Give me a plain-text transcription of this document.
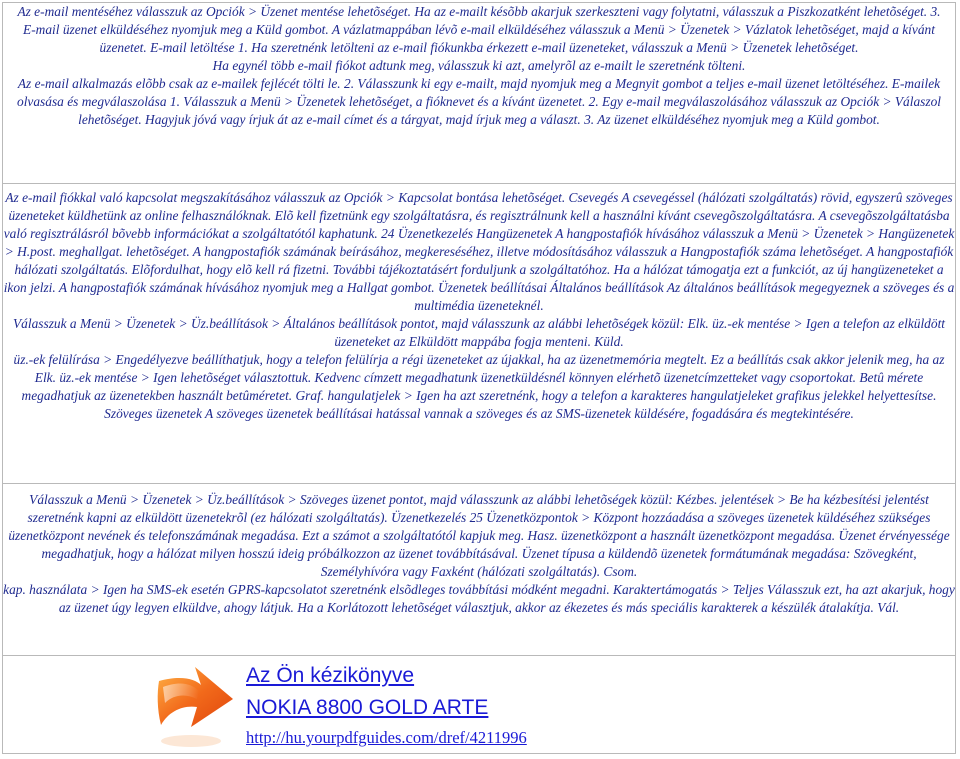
Az e-mail mentéséhez válasszuk az Opciók > Üzenet mentése lehetõséget. Ha az e-mailt késõbb akarjuk szerkeszteni vagy folytatni, válasszuk a Piszkozatként lehetõséget. 3.

E-mail üzenet elküldéséhez nyomjuk meg a Küld gombot. A vázlatmappában lévõ e-mail elküldéséhez válasszuk a Menü > Üzenetek > Vázlatok lehetõséget, majd a kívánt üzenetet. E-mail letöltése 1. Ha szeretnénk letölteni az e-mail fiókunkba érkezett e-mail üzeneteket, válasszuk a Menü > Üzenetek lehetõséget.

Ha egynél több e-mail fiókot adtunk meg, válasszuk ki azt, amelyrõl az e-mailt le szeretnénk tölteni.

Az e-mail alkalmazás elõbb csak az e-mailek fejlécét tölti le. 2. Válasszunk ki egy e-mailt, majd nyomjuk meg a Megnyit gombot a teljes e-mail üzenet letöltéséhez. E-mailek olvasása és megválaszolása 1. Válasszuk a Menü > Üzenetek lehetõséget, a fióknevet és a kívánt üzenetet. 2. Egy e-mail megválaszolásához válasszuk az Opciók > Válaszol lehetõséget. Hagyjuk jóvá vagy írjuk át az e-mail címet és a tárgyat, majd írjuk meg a választ. 3. Az üzenet elküldéséhez nyomjuk meg a Küld gombot.

Az e-mail fiókkal való kapcsolat megszakításához válasszuk az Opciók > Kapcsolat bontása lehetõséget. Csevegés A csevegéssel (hálózati szolgáltatás) rövid, egyszerû szöveges üzeneteket küldhetünk az online felhasználóknak. Elõ kell fizetnünk egy szolgáltatásra, és regisztrálnunk kell a használni kívánt csevegõszolgáltatásra. A csevegõszolgáltatásba való regisztrálásról bõvebb információkat a szolgáltatótól kaphatunk. 24 Üzenetkezelés Hangüzenetek A hangpostafiók hívásához válasszuk a Menü > Üzenetek > Hangüzenetek > H.post. meghallgat. lehetõséget. A hangpostafiók számának beírásához, megkereséséhez, illetve módosításához válasszuk a Hangpostafiók száma lehetõséget. A hangpostafiók hálózati szolgáltatás. Elõfordulhat, hogy elõ kell rá fizetni. További tájékoztatásért forduljunk a szolgáltatóhoz. Ha a hálózat támogatja ezt a funkciót, az új hangüzeneteket a ikon jelzi. A hangpostafiók számának hívásához nyomjuk meg a Hallgat gombot. Üzenetek beállításai Általános beállítások Az általános beállítások megegyeznek a szöveges és a multimédia üzeneteknél.

Válasszuk a Menü > Üzenetek > Üz.beállítások > Általános beállítások pontot, majd válasszunk az alábbi lehetõségek közül: Elk. üz.-ek mentése > Igen a telefon az elküldött üzeneteket az Elküldött mappába fogja menteni. Küld.

üz.-ek felülírása > Engedélyezve beállíthatjuk, hogy a telefon felülírja a régi üzeneteket az újakkal, ha az üzenetmemória megtelt. Ez a beállítás csak akkor jelenik meg, ha az Elk. üz.-ek mentése > Igen lehetõséget választottuk. Kedvenc címzett megadhatunk üzenetküldésnél könnyen elérhetõ üzenetcímzetteket vagy csoportokat. Betû mérete megadhatjuk az üzenetekben használt betûméretet. Graf. hangulatjelek > Igen ha azt szeretnénk, hogy a telefon a karakteres hangulatjeleket grafikus jelekkel helyettesítse. Szöveges üzenetek A szöveges üzenetek beállításai hatással vannak a szöveges és az SMS-üzenetek küldésére, fogadására és megtekintésére.

Válasszuk a Menü > Üzenetek > Üz.beállítások > Szöveges üzenet pontot, majd válasszunk az alábbi lehetõségek közül: Kézbes. jelentések > Be ha kézbesítési jelentést szeretnénk kapni az elküldött üzenetekrõl (ez hálózati szolgáltatás). Üzenetkezelés 25 Üzenetközpontok > Központ hozzáadása a szöveges üzenetek küldéséhez szükséges üzenetközpont nevének és telefonszámának megadása. Ezt a számot a szolgáltatótól kapjuk meg. Hasz. üzenetközpont a használt üzenetközpont megadása. Üzenet érvényessége megadhatjuk, hogy a hálózat milyen hosszú ideig próbálkozzon az üzenet továbbításával. Üzenet típusa a küldendõ üzenetek formátumának megadása: Szövegként, Személyhívóra vagy Faxként (hálózati szolgáltatás). Csom.

kap. használata > Igen ha SMS-ek esetén GPRS-kapcsolatot szeretnénk elsõdleges továbbítási módként megadni. Karaktertámogatás > Teljes Válasszuk ezt, ha azt akarjuk, hogy az üzenet úgy legyen elküldve, ahogy látjuk. Ha a Korlátozott lehetõséget választjuk, akkor az ékezetes és más speciális karakterek a készülék átalakítja. Vál.

Az Ön kézikönyve
NOKIA 8800 GOLD ARTE
http://hu.yourpdfguides.com/dref/4211996
